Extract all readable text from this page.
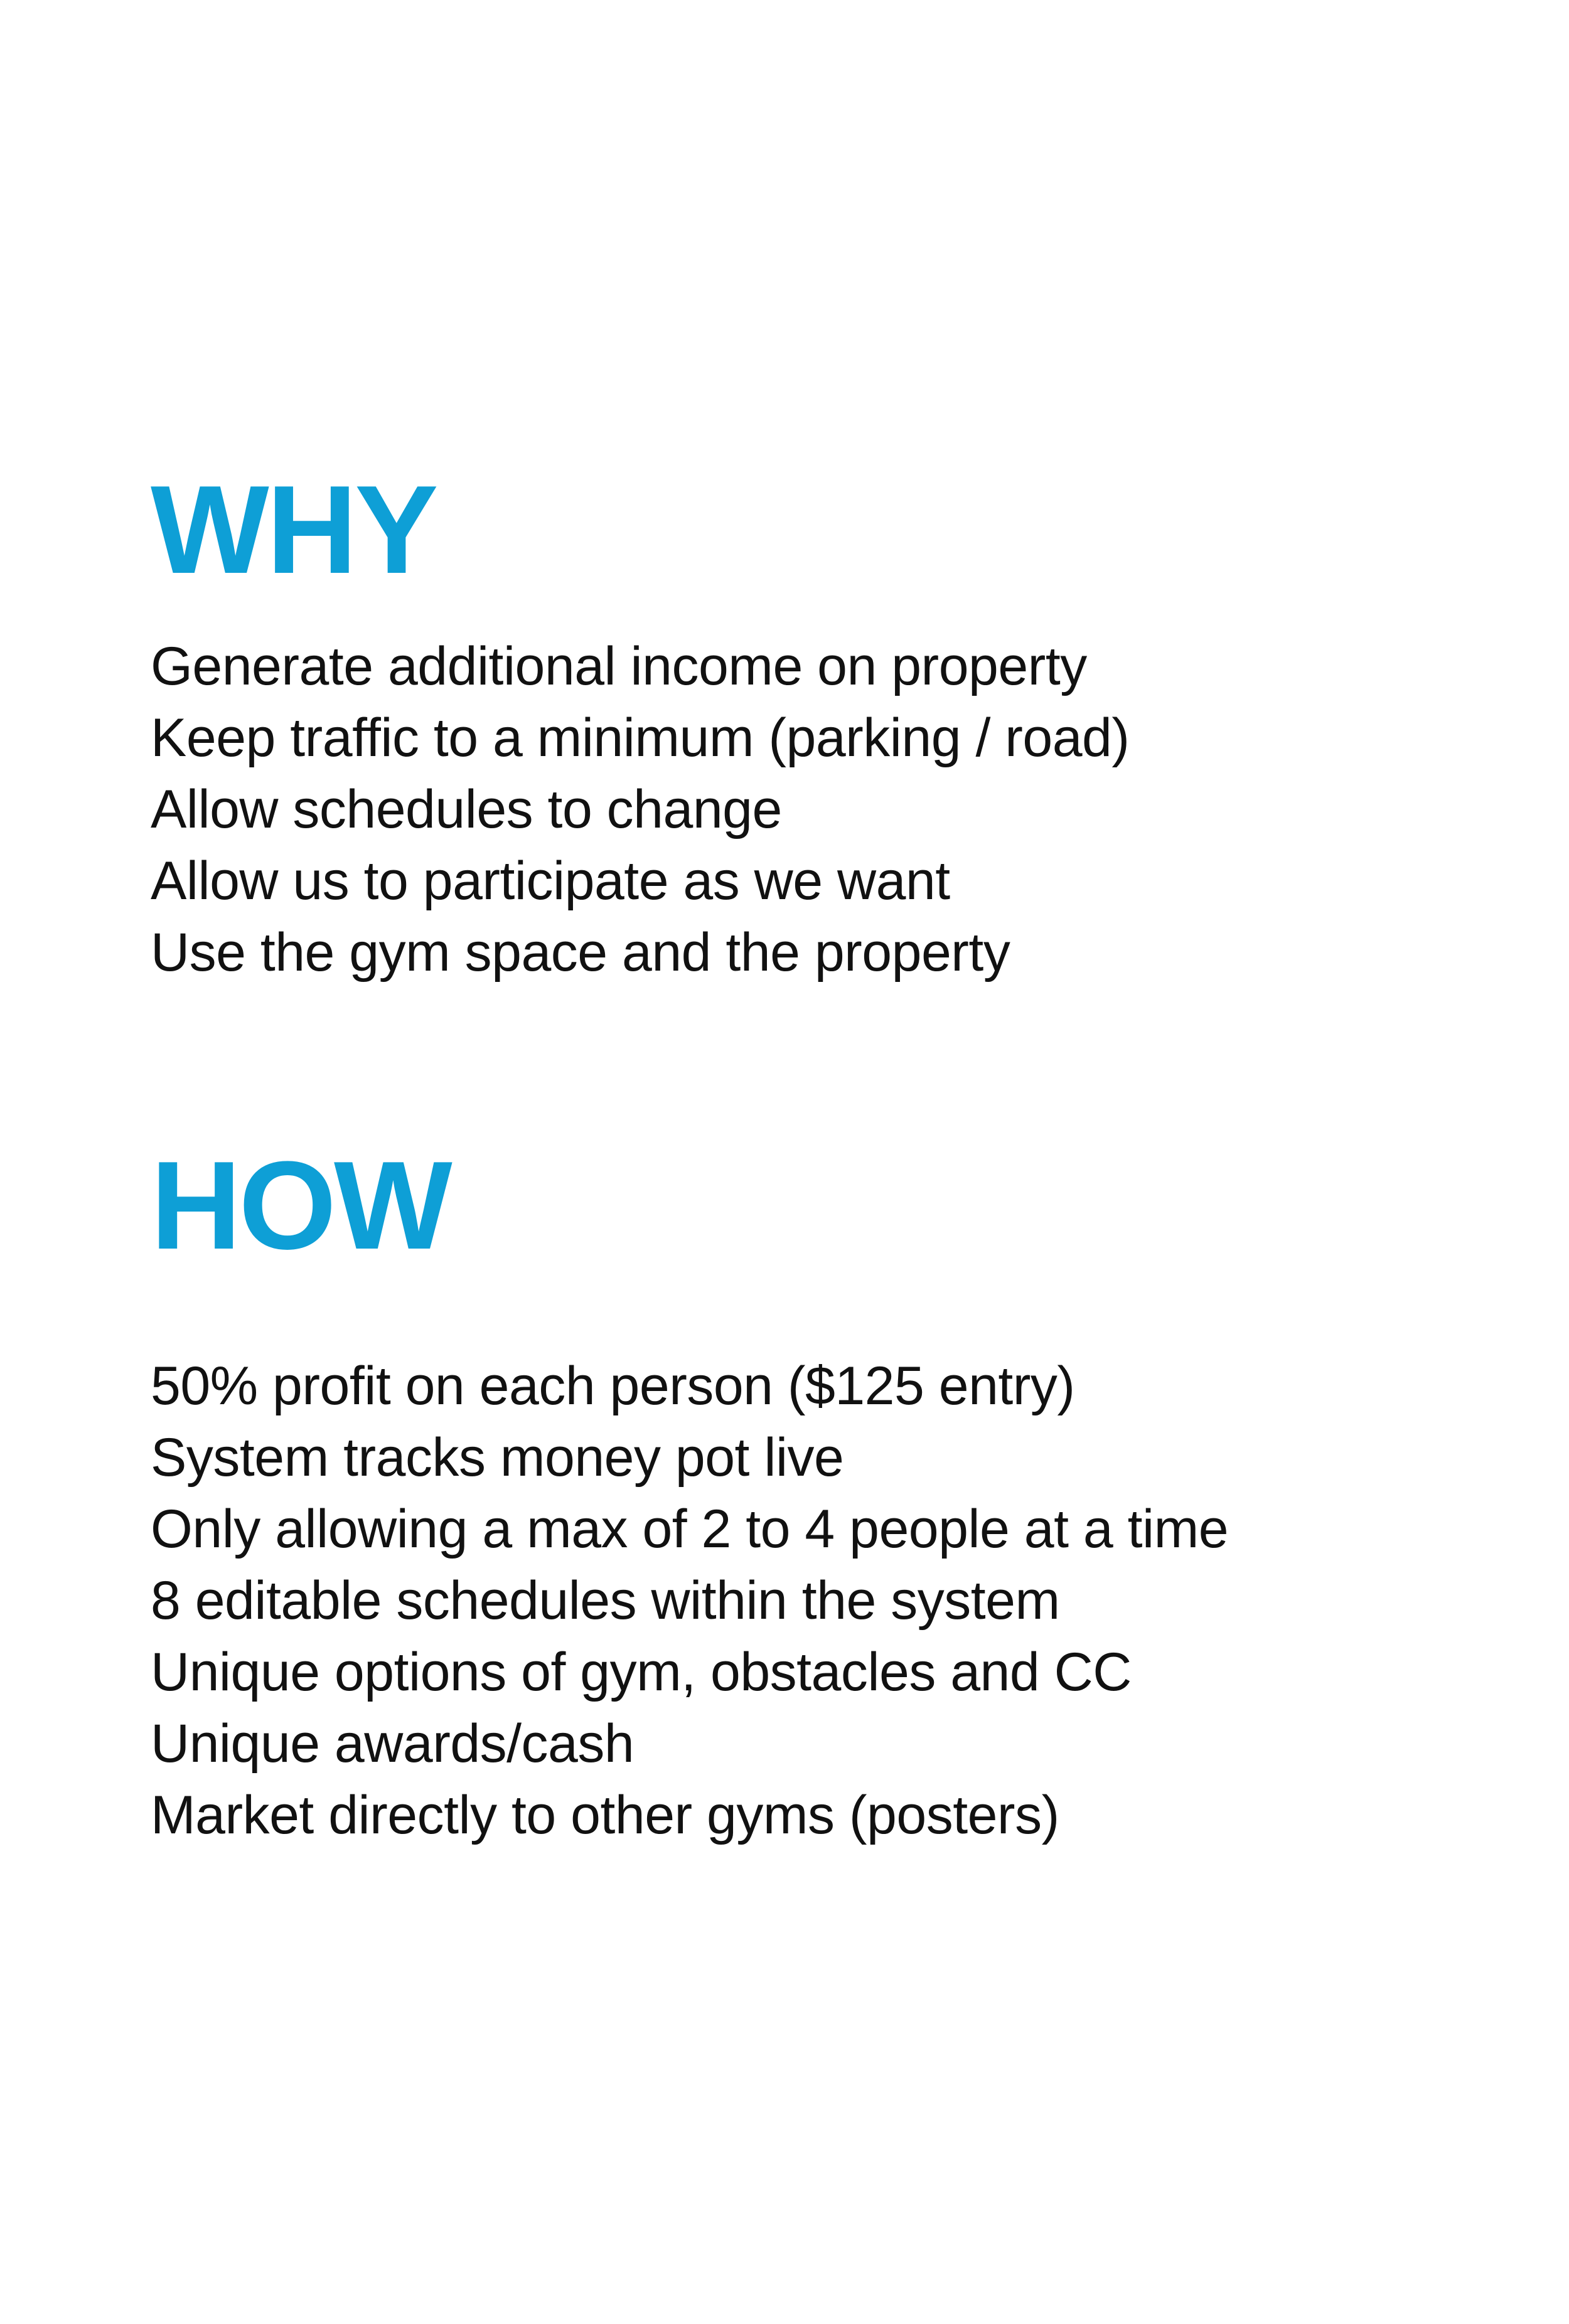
WHY
Generate additional income on property
Keep traffic to a minimum (parking / road)
Allow schedules to change
Allow us to participate as we want
Use the gym space and the property
HOW
50% profit on each person ($125 entry)
System tracks money pot live
Only allowing a max of 2 to 4 people at a time
8 editable schedules within the system
Unique options of gym, obstacles and CC
Unique awards/cash
Market directly to other gyms (posters)
